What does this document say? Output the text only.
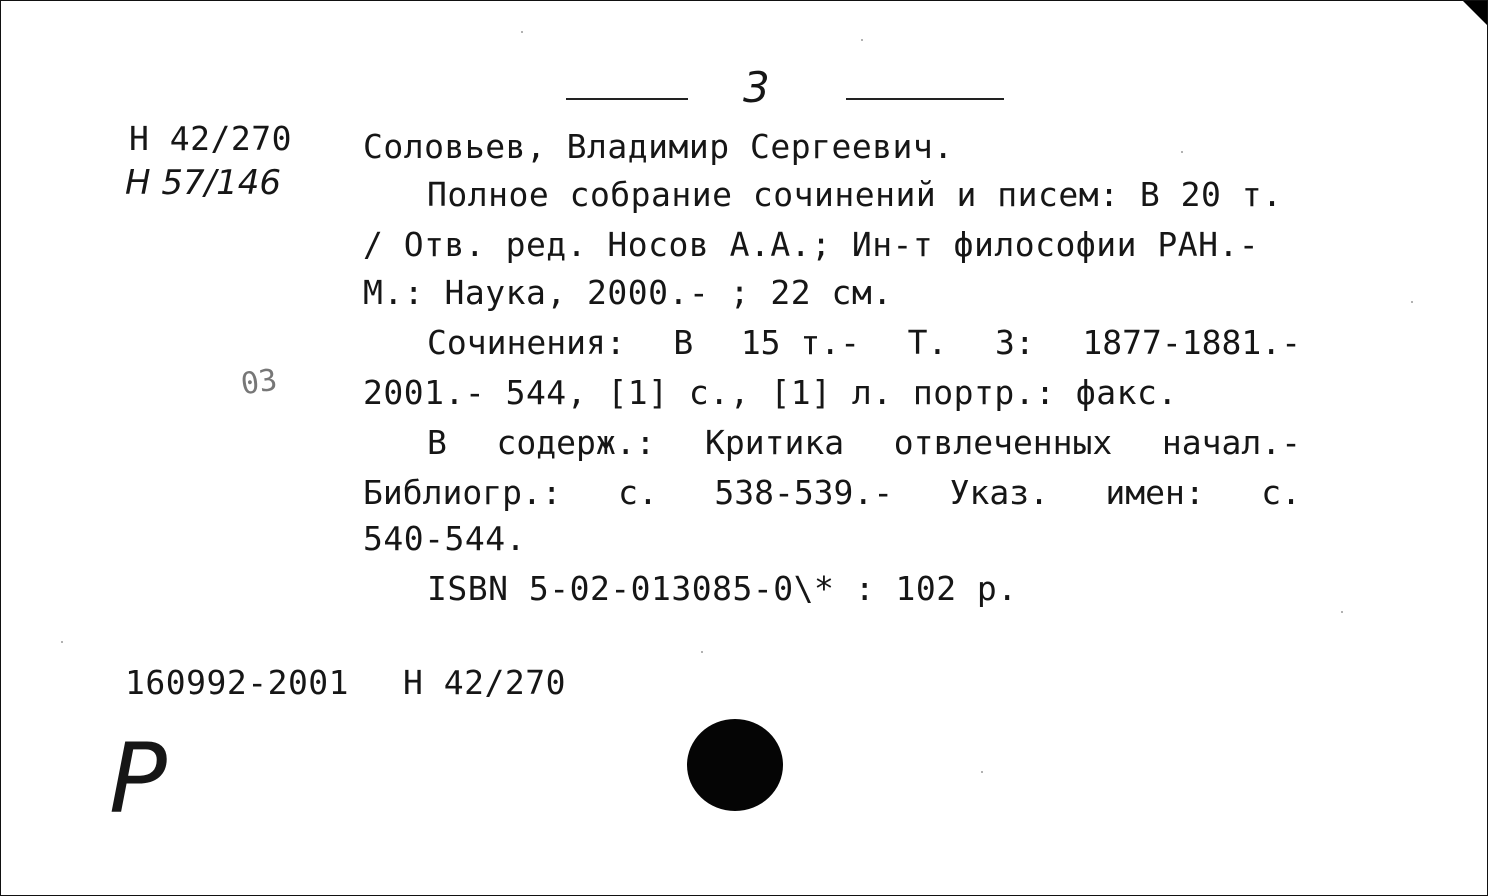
3
Н 42/270
Н 57/146
Соловьев, Владимир Сергеевич.
Полное собрание сочинений и писем: В 20 т.
/ Отв. ред. Носов А.А.; Ин-т философии РАН.-
М.: Наука, 2000.- ; 22 см.
Сочинения: В 15 т.- Т. 3: 1877-1881.-
2001.- 544, [1] с., [1] л. портр.: факс.
В содерж.: Критика отвлеченных начал.-
Библиогр.: с. 538-539.- Указ. имен: с.
540-544.
ISBN 5-02-013085-0\* : 102 р.
03
160992-2001 Н 42/270
Р
